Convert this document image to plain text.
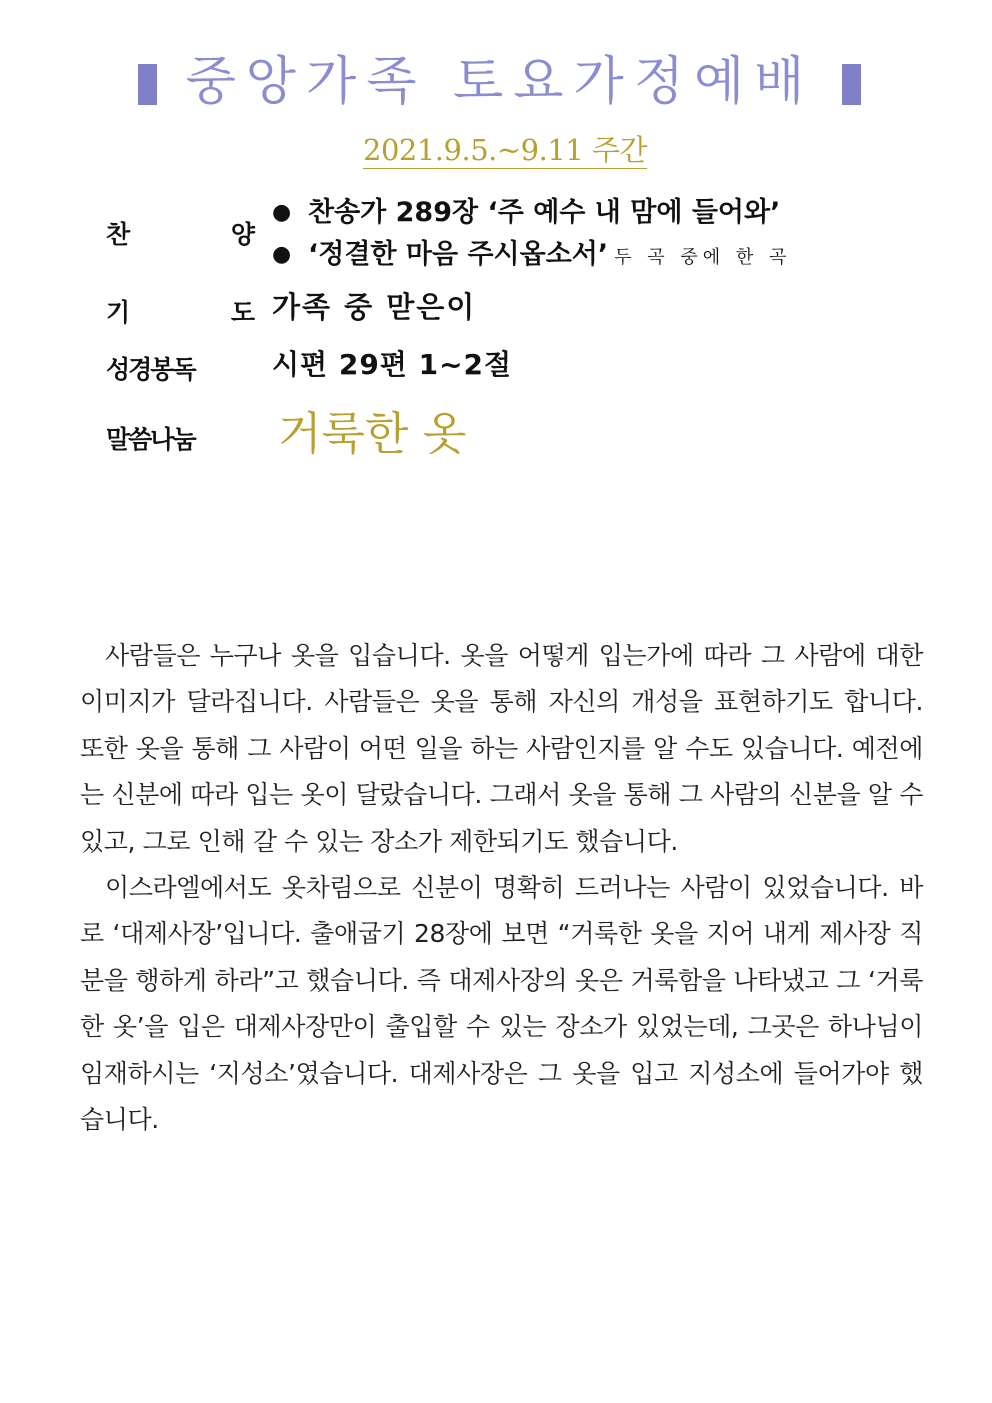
중앙가족 토요가정예배
2021.9.5.~9.11 주간
찬 양
● 찬송가 289장 ‘주 예수 내 맘에 들어와’
● ‘정결한 마음 주시옵소서’ 두 곡 중에 한 곡
기 도
가족 중 맏은이
성경봉독	시편 29편 1~2절
말씀나눔 거룩한 옷

사람들은 누구나 옷을 입습니다. 옷을 어떻게 입는가에 따라 그 사람에 대한 이미지가 달라집니다. 사람들은 옷을 통해 자신의 개성을 표현하기도 합니다. 또한 옷을 통해 그 사람이 어떤 일을 하는 사람인지를 알 수도 있습니다. 예전에는 신분에 따라 입는 옷이 달랐습니다. 그래서 옷을 통해 그 사람의 신분을 알 수 있고, 그로 인해 갈 수 있는 장소가 제한되기도 했습니다.

이스라엘에서도 옷차림으로 신분이 명확히 드러나는 사람이 있었습니다. 바로 ‘대제사장’입니다. 출애굽기 28장에 보면 “거룩한 옷을 지어 내게 제사장 직분을 행하게 하라”고 했습니다. 즉 대제사장의 옷은 거룩함을 나타냈고 그 ‘거룩한 옷’을 입은 대제사장만이 출입할 수 있는 장소가 있었는데, 그곳은 하나님이 임재하시는 ‘지성소’였습니다. 대제사장은 그 옷을 입고 지성소에 들어가야 했습니다.
